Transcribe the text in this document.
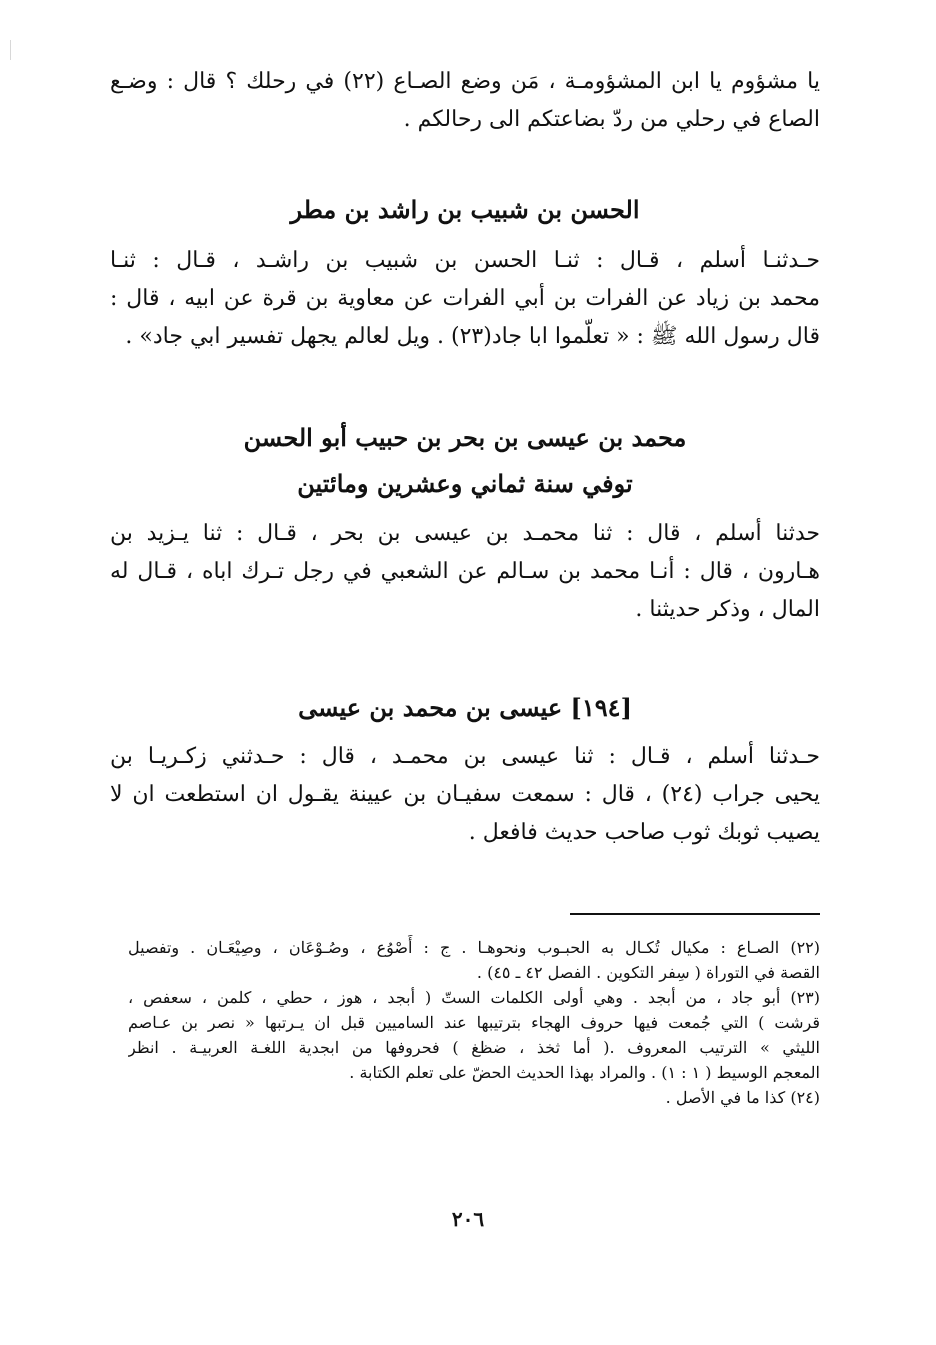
يا مشؤوم يا ابن المشؤومـة ، مَن وضع الصـاع (٢٢) في رحلك ؟ قال : وضـع
الصاع في رحلي من ردّ بضاعتكم الى رحالكم .
الحسن بن شبيب بن راشد بن مطر
حـدثنـا أسلم ، قـال : ثنـا الحسن بن شبيب بن راشـد ، قـال : ثنـا
محمد بن زياد عن الفرات بن أبي الفرات عن معاوية بن قرة عن ابيه ، قال :
قال رسول الله ﷺ : « تعلّموا ابا جاد(٢٣) . ويل لعالم يجهل تفسير ابي جاد» .
محمد بن عيسى بن بحر بن حبيب أبو الحسن
توفي سنة ثماني وعشرين ومائتين
حدثنا أسلم ، قال : ثنا محمـد بن عيسى بن بحر ، قـال : ثنا يـزيد بن
هـارون ، قال : أنـا محمد بن سـالم عن الشعبي في رجل تـرك اباه ، قـال له
المال ، وذكر حديثنا .
[١٩٤] عيسى بن محمد بن عيسى
حـدثنا أسلم ، قـال : ثنا عيسى بن محمـد ، قال : حـدثني زكـريـا بن
يحيى جراب (٢٤) ، قال : سمعت سفيـان بن عيينة يقـول ان استطعت ان لا
يصيب ثوبك ثوب صاحب حديث فافعل .
(٢٢) الصـاع : مكيال تُكـال به الحبـوب ونحوهـا . ج : أَصْوُع ، وصُـوْعَان ، وصِيْعَـان . وتفصيل
القصة في التوراة ( سِفر التكوين . الفصل ٤٢ ـ ٤٥) .
(٢٣) أبو جاد ، من أبجد . وهي أولى الكلمات الستّ ( أبجد ، هوز ، حطي ، كلمن ، سعفص ،
قرشت ) التي جُمعت فيها حروف الهجاء بترتيبها عند الساميين قبل ان يـرتبها « نصر بن عـاصم
الليثي » الترتيب المعروف .( أما ثخذ ، ضظغ ) فحروفها من ابجدية اللغـة العربيـة . انظر
المعجم الوسيط ( ١ : ١) . والمراد بهذا الحديث الحضّ على تعلم الكتابة .
(٢٤) كذا ما في الأصل .
٢٠٦
